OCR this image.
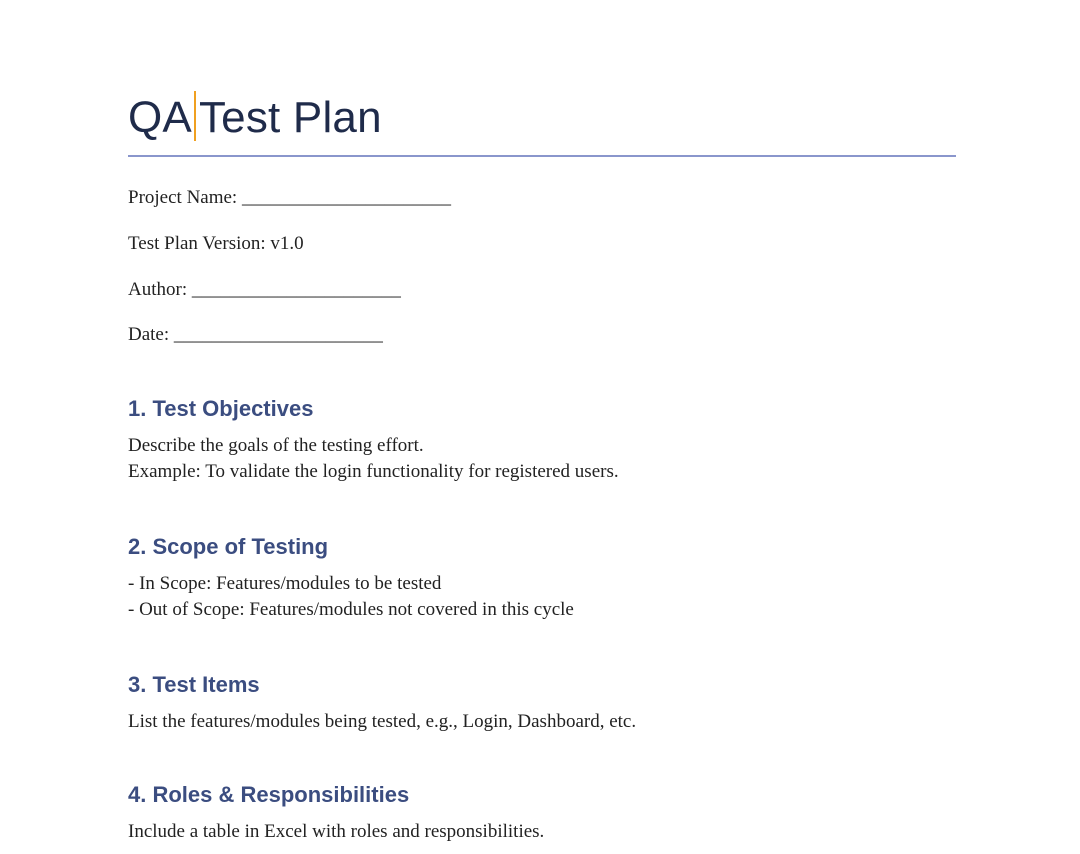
QA Test Plan
Project Name: ______________________
Test Plan Version: v1.0
Author: ______________________
Date: ______________________
1. Test Objectives
Describe the goals of the testing effort.
Example: To validate the login functionality for registered users.
2. Scope of Testing
- In Scope: Features/modules to be tested
- Out of Scope: Features/modules not covered in this cycle
3. Test Items
List the features/modules being tested, e.g., Login, Dashboard, etc.
4. Roles & Responsibilities
Include a table in Excel with roles and responsibilities.
